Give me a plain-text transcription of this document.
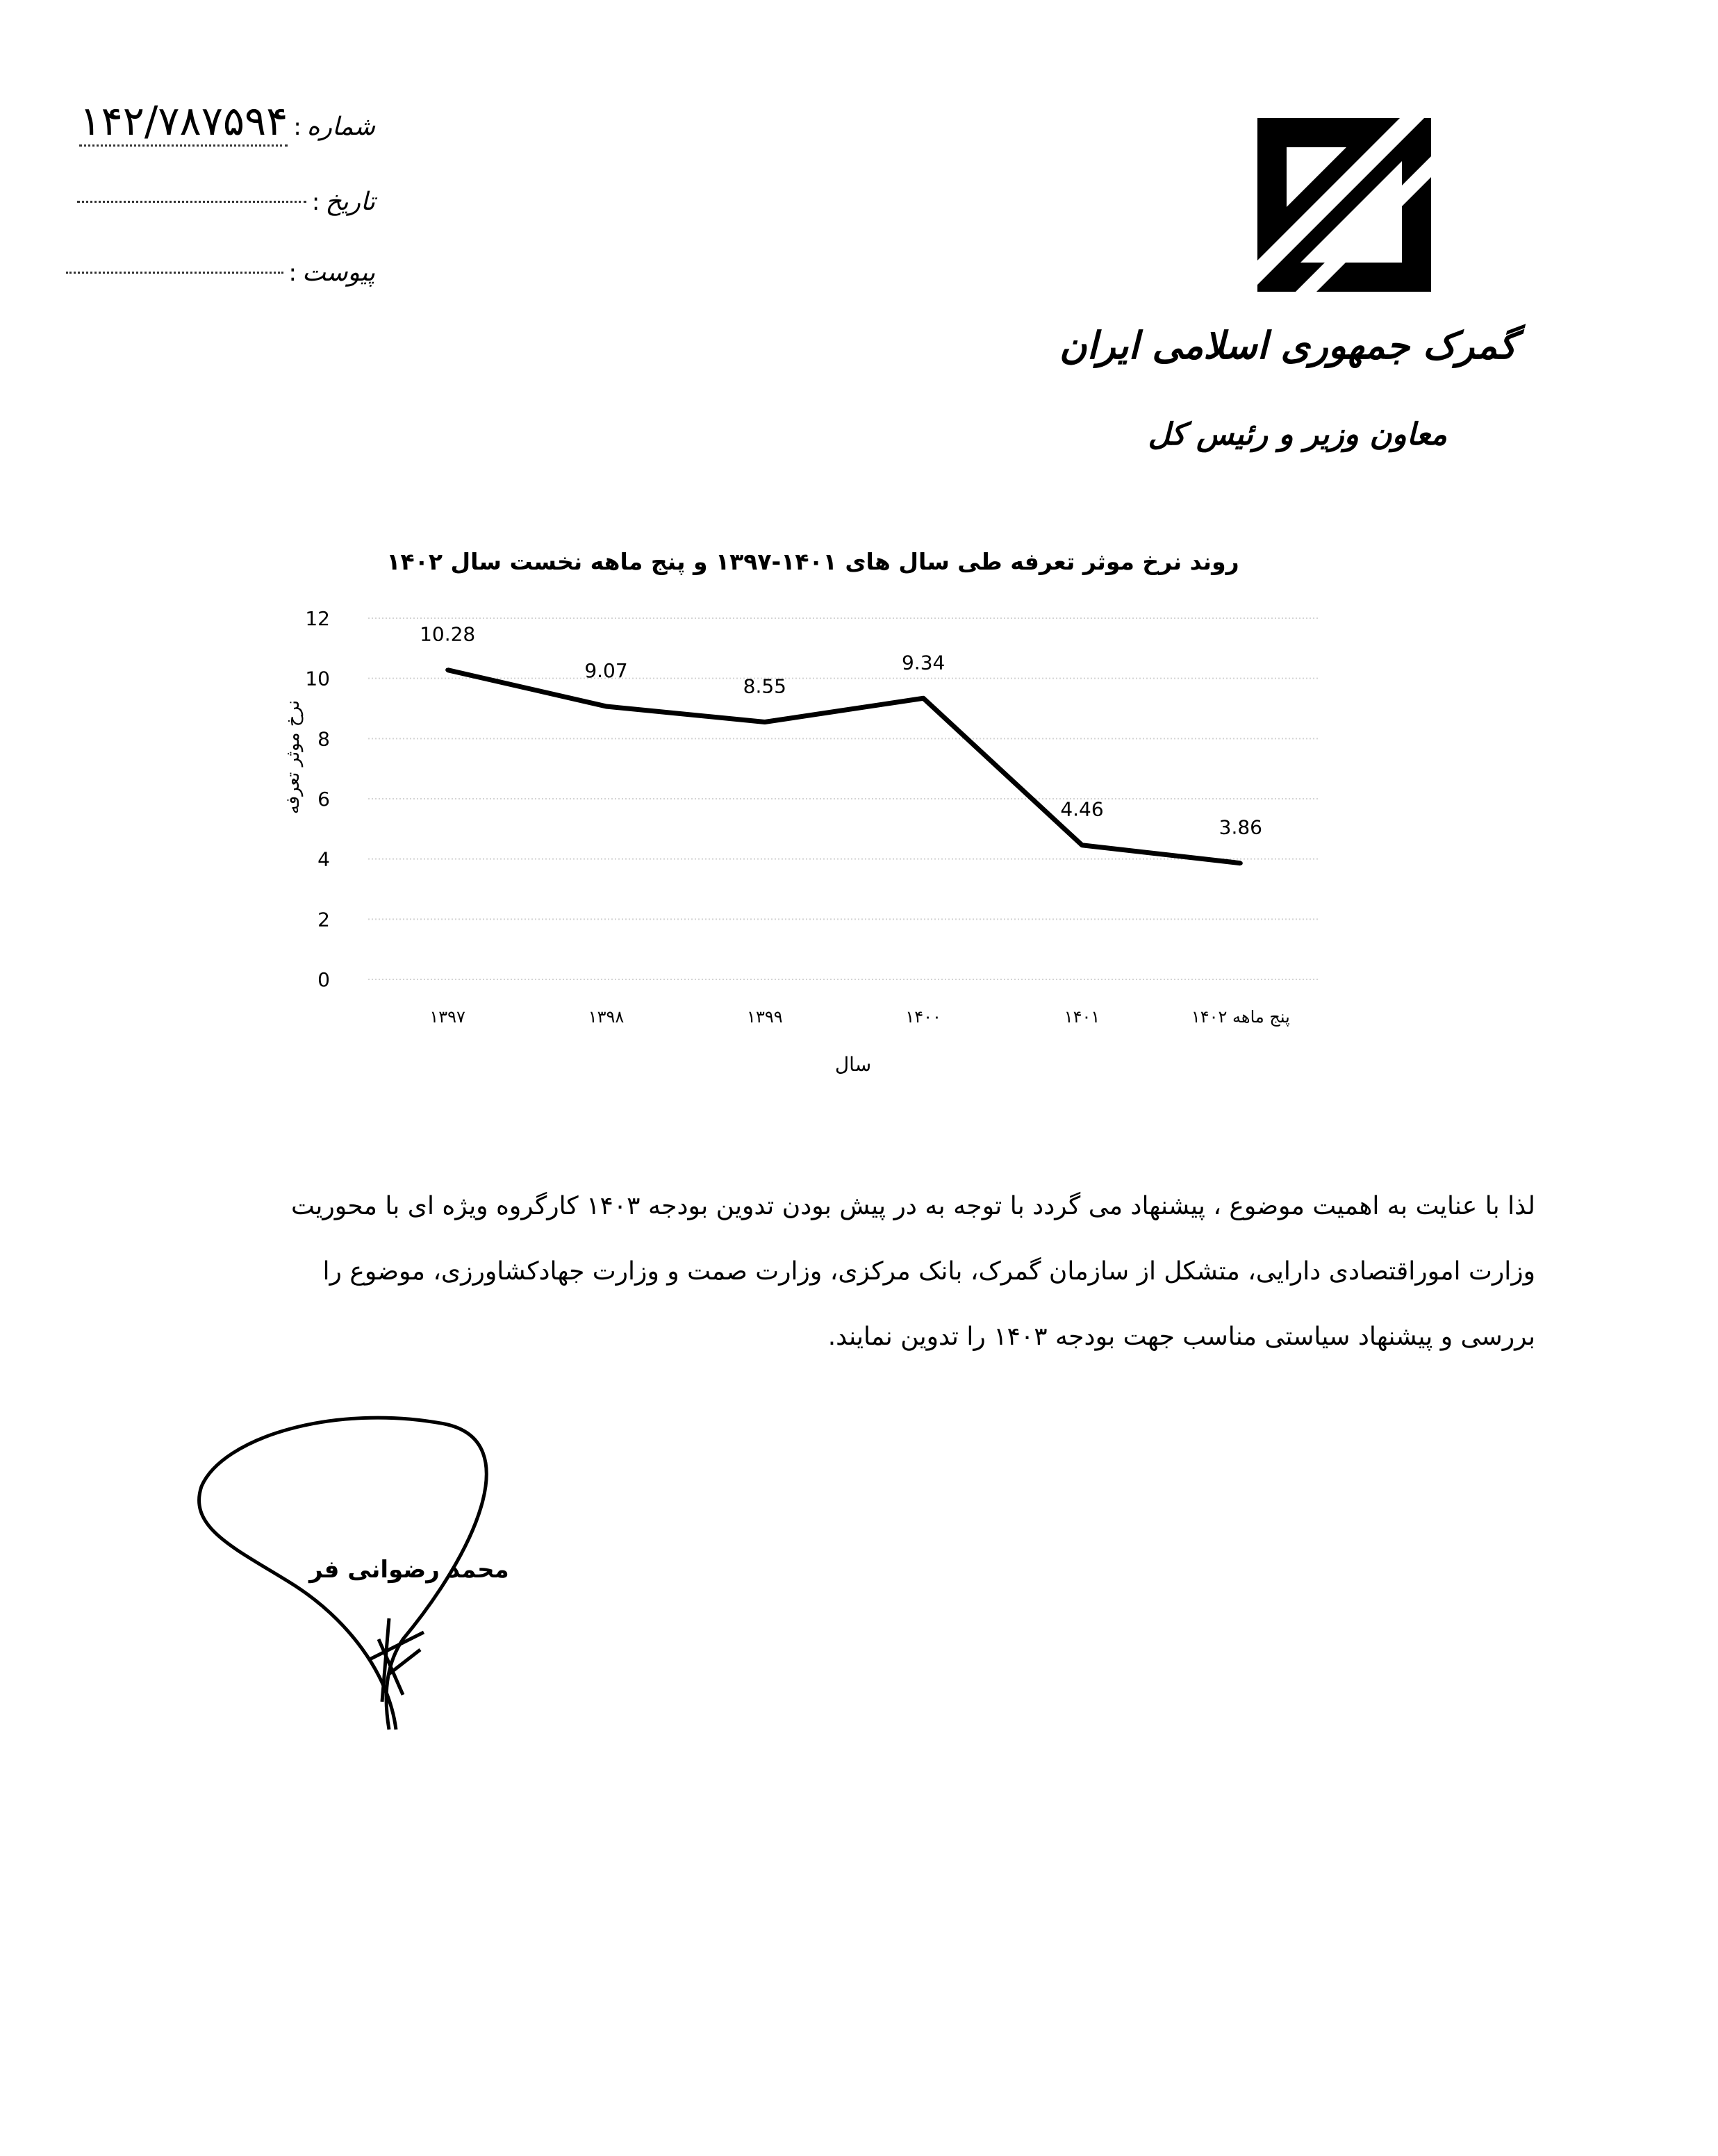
شماره
:
۱۴۲/۷۸۷۵۹۴
تاریخ
:
پیوست
:
گمرک جمهوری اسلامی ایران
معاون وزیر و رئیس کل
روند نرخ موثر تعرفه طی سال های ۱۴۰۱-۱۳۹۷ و پنج ماهه نخست سال ۱۴۰۲
0
2
4
6
8
10
12
۱۳۹۷	۱۳۹۸	۱۳۹۹	۱۴۰۰	۱۴۰۱	پنج ماهه ۱۴۰۲
10.28
9.07
8.55
9.34
4.46
3.86
نرخ موثر تعرفه
سال
لذا با عنایت به اهمیت موضوع ، پیشنهاد می گردد با توجه به در پیش بودن تدوین بودجه ۱۴۰۳ کارگروه ویژه ای با محوریت
وزارت اموراقتصادی دارایی، متشکل از سازمان گمرک، بانک مرکزی، وزارت صمت و وزارت جهادکشاورزی، موضوع را
بررسی و پیشنهاد سیاستی مناسب جهت بودجه ۱۴۰۳ را تدوین نمایند.
محمد رضوانی فر
